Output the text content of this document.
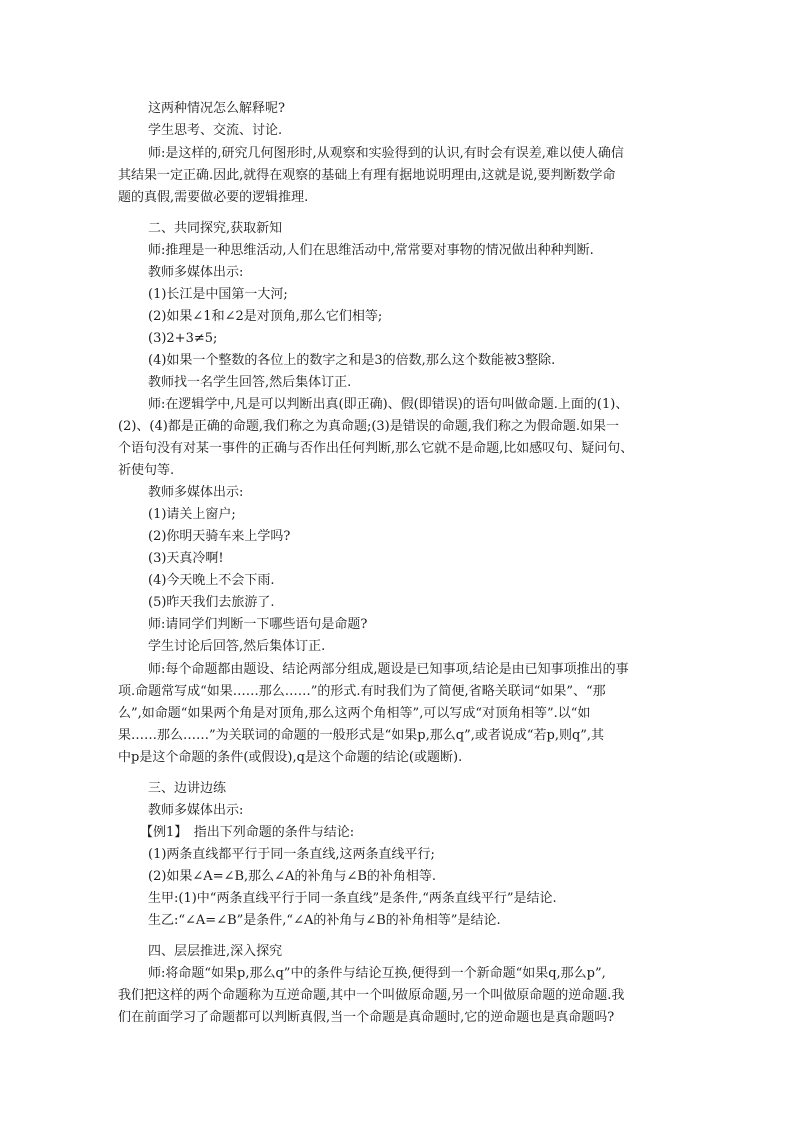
这两种情况怎么解释呢?
学生思考、交流、讨论.
师:是这样的,研究几何图形时,从观察和实验得到的认识,有时会有误差,难以使人确信
其结果一定正确.因此,就得在观察的基础上有理有据地说明理由,这就是说,要判断数学命
题的真假,需要做必要的逻辑推理.
二、共同探究,获取新知
师:推理是一种思维活动,人们在思维活动中,常常要对事物的情况做出种种判断.
教师多媒体出示:
(1)长江是中国第一大河;
(2)如果∠1和∠2是对顶角,那么它们相等;
(3)2+3≠5;
(4)如果一个整数的各位上的数字之和是3的倍数,那么这个数能被3整除.
教师找一名学生回答,然后集体订正.
师:在逻辑学中,凡是可以判断出真(即正确)、假(即错误)的语句叫做命题.上面的(1)、
(2)、(4)都是正确的命题,我们称之为真命题;(3)是错误的命题,我们称之为假命题.如果一
个语句没有对某一事件的正确与否作出任何判断,那么它就不是命题,比如感叹句、疑问句、
祈使句等.
教师多媒体出示:
(1)请关上窗户;
(2)你明天骑车来上学吗?
(3)天真冷啊!
(4)今天晚上不会下雨.
(5)昨天我们去旅游了.
师:请同学们判断一下哪些语句是命题?
学生讨论后回答,然后集体订正.
师:每个命题都由题设、结论两部分组成,题设是已知事项,结论是由已知事项推出的事
项.命题常写成“如果……那么……”的形式.有时我们为了简便,省略关联词“如果”、“那
么”,如命题“如果两个角是对顶角,那么这两个角相等”,可以写成“对顶角相等”.以“如
果……那么……”为关联词的命题的一般形式是“如果p,那么q”,或者说成“若p,则q”,其
中p是这个命题的条件(或假设),q是这个命题的结论(或题断).
三、边讲边练
教师多媒体出示:
【例1】　指出下列命题的条件与结论:
(1)两条直线都平行于同一条直线,这两条直线平行;
(2)如果∠A=∠B,那么∠A的补角与∠B的补角相等.
生甲:(1)中“两条直线平行于同一条直线”是条件,“两条直线平行”是结论.
生乙:“∠A=∠B”是条件,“∠A的补角与∠B的补角相等”是结论.
四、层层推进,深入探究
师:将命题“如果p,那么q”中的条件与结论互换,便得到一个新命题“如果q,那么p”,
我们把这样的两个命题称为互逆命题,其中一个叫做原命题,另一个叫做原命题的逆命题.我
们在前面学习了命题都可以判断真假,当一个命题是真命题时,它的逆命题也是真命题吗?
